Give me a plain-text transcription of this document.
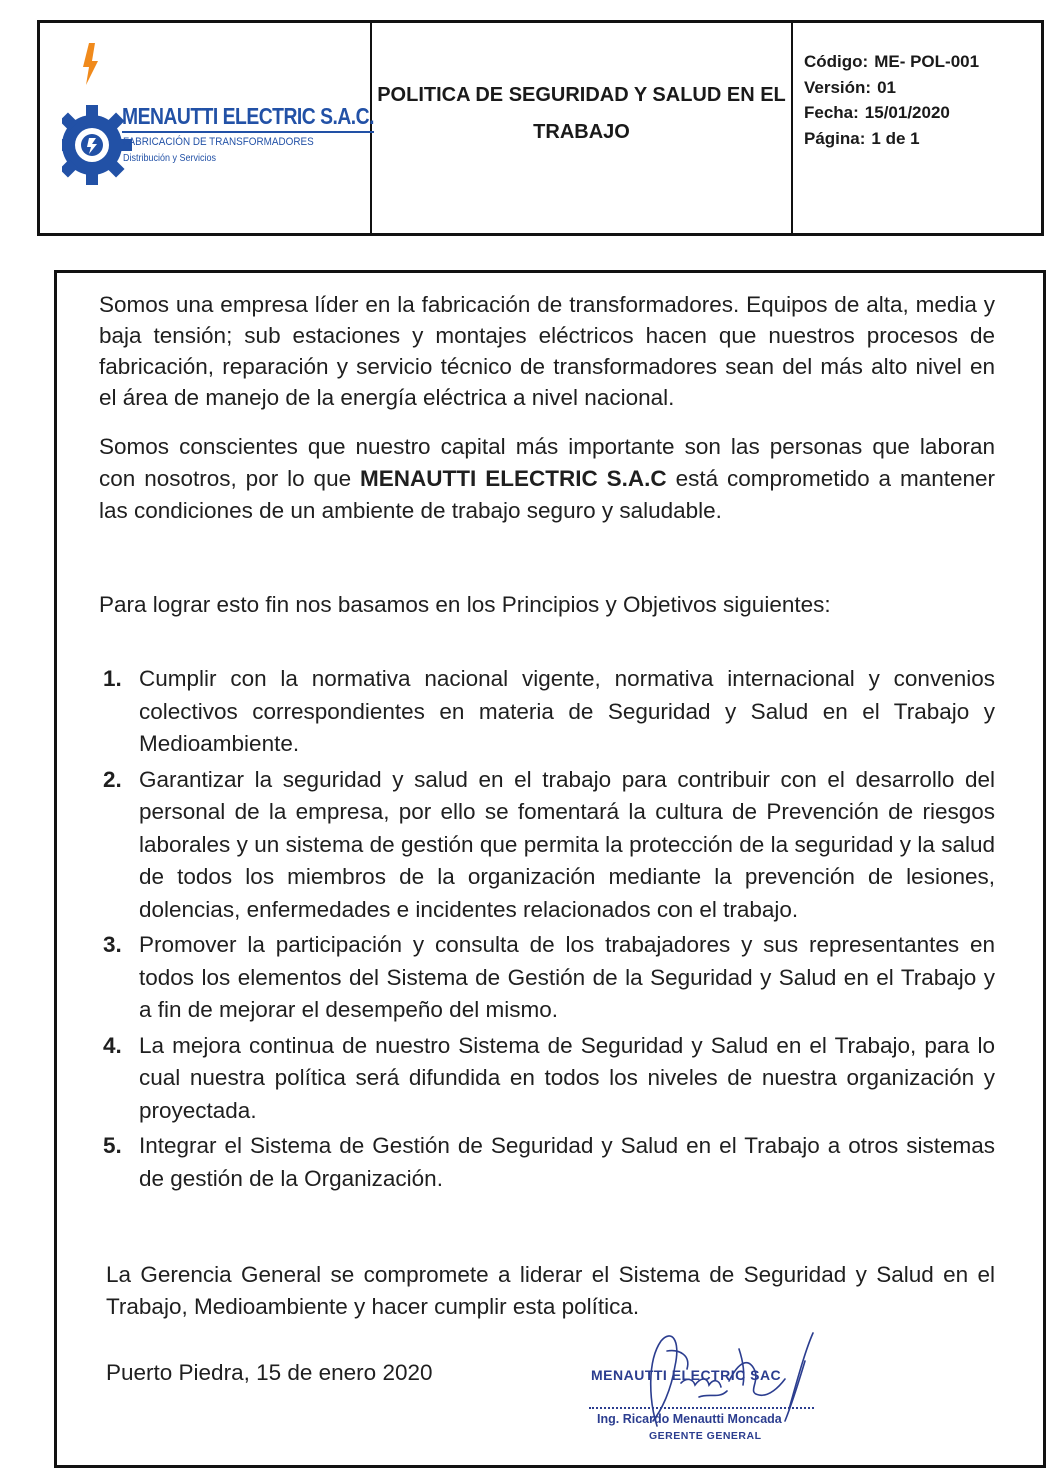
MENAUTTI ELECTRIC S.A.C.
FABRICACIÓN DE TRANSFORMADORES
Distribución y Servicios
POLITICA DE SEGURIDAD Y SALUD EN EL TRABAJO
Código: ME- POL-001
Versión: 01
Fecha: 15/01/2020
Página: 1 de 1
Somos una empresa líder en la fabricación de transformadores. Equipos de alta, media y baja tensión; sub estaciones y montajes eléctricos hacen que nuestros procesos de fabricación, reparación y servicio técnico de transformadores sean del más alto nivel en el área de manejo de la energía eléctrica a nivel nacional.
Somos conscientes que nuestro capital más importante son las personas que laboran con nosotros, por lo que MENAUTTI ELECTRIC S.A.C está comprometido a mantener las condiciones de un ambiente de trabajo seguro y saludable.
Para lograr esto fin nos basamos en los Principios y Objetivos siguientes:
1. Cumplir con la normativa nacional vigente, normativa internacional y convenios colectivos correspondientes en materia de Seguridad y Salud en el Trabajo y Medioambiente.
2. Garantizar la seguridad y salud en el trabajo para contribuir con el desarrollo del personal de la empresa, por ello se fomentará la cultura de Prevención de riesgos laborales y un sistema de gestión que permita la protección de la seguridad y la salud de todos los miembros de la organización mediante la prevención de lesiones, dolencias, enfermedades e incidentes relacionados con el trabajo.
3. Promover la participación y consulta de los trabajadores y sus representantes en todos los elementos del Sistema de Gestión de la Seguridad y Salud en el Trabajo y a fin de mejorar el desempeño del mismo.
4. La mejora continua de nuestro Sistema de Seguridad y Salud en el Trabajo, para lo cual nuestra política será difundida en todos los niveles de nuestra organización y proyectada.
5. Integrar el Sistema de Gestión de Seguridad y Salud en el Trabajo a otros sistemas de gestión de la Organización.
La Gerencia General se compromete a liderar el Sistema de Seguridad y Salud en el Trabajo, Medioambiente y hacer cumplir esta política.
Puerto Piedra, 15 de enero 2020	MENAUTTI ELECTRIC SAC
Ing. Ricardo Menautti Moncada
GERENTE GENERAL
